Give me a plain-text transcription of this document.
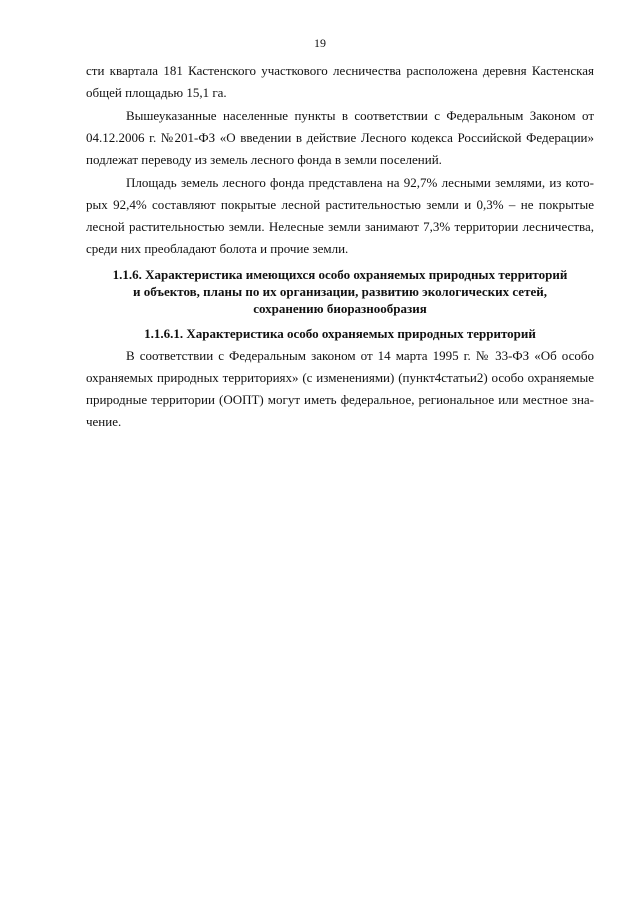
19
сти квартала 181 Кастенского участкового лесничества расположена деревня Кастенская
общей площадью 15,1 га.
Вышеуказанные населенные пункты в соответствии с Федеральным Законом от
04.12.2006 г. №201-ФЗ «О введении в действие Лесного кодекса Российской Федерации»
подлежат переводу из земель лесного фонда в земли поселений.
Площадь земель лесного фонда представлена на 92,7% лесными землями, из кото-
рых 92,4% составляют покрытые лесной растительностью земли и 0,3% – не покрытые
лесной растительностью земли. Нелесные земли занимают 7,3% территории лесничества,
среди них преобладают болота и прочие земли.
1.1.6. Характеристика имеющихся особо охраняемых природных территорий
и объектов, планы по их организации, развитию экологических сетей,
сохранению биоразнообразия
1.1.6.1. Характеристика особо охраняемых природных территорий
В соответствии с Федеральным законом от 14 марта 1995 г. № 33-ФЗ «Об особо
охраняемых природных территориях» (с изменениями) (пункт4статьи2) особо охраняемые
природные территории (ООПТ) могут иметь федеральное, региональное или местное зна-
чение.
